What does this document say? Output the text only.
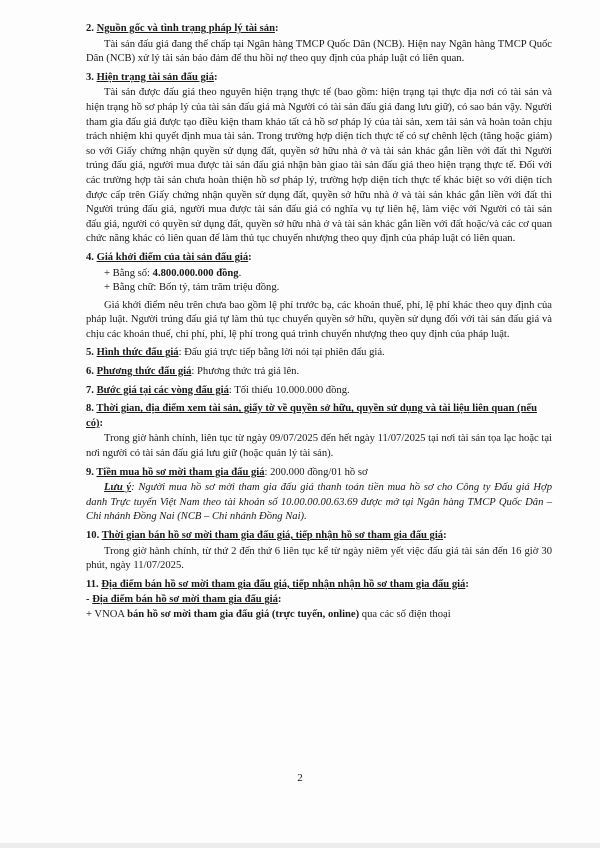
2. Nguồn gốc và tình trạng pháp lý tài sản:
Tài sản đấu giá đang thế chấp tại Ngân hàng TMCP Quốc Dân (NCB). Hiện nay Ngân hàng TMCP Quốc Dân (NCB) xử lý tài sản bảo đảm để thu hồi nợ theo quy định của pháp luật có liên quan.
3. Hiện trạng tài sản đấu giá:
Tài sản được đấu giá theo nguyên hiện trạng thực tế (bao gồm: hiện trạng tại thực địa nơi có tài sản và hiện trạng hồ sơ pháp lý của tài sản đấu giá mà Người có tài sản đấu giá đang lưu giữ), có sao bán vậy. Người tham gia đấu giá được tạo điều kiện tham khảo tất cả hồ sơ pháp lý của tài sản, xem tài sản và hoàn toàn chịu trách nhiệm khi quyết định mua tài sản. Trong trường hợp diện tích thực tế có sự chênh lệch (tăng hoặc giảm) so với Giấy chứng nhận quyền sử dụng đất, quyền sở hữu nhà ở và tài sản khác gắn liền với đất thì Người trúng đấu giá, người mua được tài sản đấu giá nhận bàn giao tài sản đấu giá theo hiện trạng thực tế. Đối với các trường hợp tài sản chưa hoàn thiện hồ sơ pháp lý, trường hợp diện tích thực tế khác biệt so với diện tích được cấp trên Giấy chứng nhận quyền sử dụng đất, quyền sở hữu nhà ở và tài sản khác gắn liền với đất thì Người trúng đấu giá, người mua được tài sản đấu giá có nghĩa vụ tự liên hệ, làm việc với Người có tài sản đấu giá, người có quyền sử dụng đất, quyền sở hữu nhà ở và tài sản khác gắn liền với đất hoặc/và các cơ quan chức năng khác có liên quan để làm thủ tục chuyển nhượng theo quy định của pháp luật có liên quan.
4. Giá khởi điểm của tài sản đấu giá:
+ Bằng số: 4.800.000.000 đồng.
+ Bằng chữ: Bốn tỷ, tám trăm triệu đồng.
Giá khởi điểm nêu trên chưa bao gồm lệ phí trước bạ, các khoản thuế, phí, lệ phí khác theo quy định của pháp luật. Người trúng đấu giá tự làm thủ tục chuyển quyền sở hữu, quyền sử dụng đối với tài sản đấu giá và chịu các khoản thuế, chi phí, phí, lệ phí trong quá trình chuyển nhượng theo quy định của pháp luật.
5. Hình thức đấu giá: Đấu giá trực tiếp bằng lời nói tại phiên đấu giá.
6. Phương thức đấu giá: Phương thức trả giá lên.
7. Bước giá tại các vòng đấu giá: Tối thiểu 10.000.000 đồng.
8. Thời gian, địa điểm xem tài sản, giấy tờ về quyền sở hữu, quyền sử dụng và tài liệu liên quan (nếu có):
Trong giờ hành chính, liên tục từ ngày 09/07/2025 đến hết ngày 11/07/2025 tại nơi tài sản tọa lạc hoặc tại nơi người có tài sản đấu giá lưu giữ (hoặc quản lý tài sản).
9. Tiền mua hồ sơ mời tham gia đấu giá: 200.000 đồng/01 hồ sơ
Lưu ý: Người mua hồ sơ mời tham gia đấu giá thanh toán tiền mua hồ sơ cho Công ty Đấu giá Hợp danh Trực tuyến Việt Nam theo tài khoản số 10.00.00.00.63.69 được mở tại Ngân hàng TMCP Quốc Dân – Chi nhánh Đồng Nai (NCB – Chi nhánh Đồng Nai).
10. Thời gian bán hồ sơ mời tham gia đấu giá, tiếp nhận hồ sơ tham gia đấu giá:
Trong giờ hành chính, từ thứ 2 đến thứ 6 liên tục kể từ ngày niêm yết việc đấu giá tài sản đến 16 giờ 30 phút, ngày 11/07/2025.
11. Địa điểm bán hồ sơ mời tham gia đấu giá, tiếp nhận nhận hồ sơ tham gia đấu giá:
- Địa điểm bán hồ sơ mời tham gia đấu giá:
+ VNOA bán hồ sơ mời tham gia đấu giá (trực tuyến, online) qua các số điện thoại
2
